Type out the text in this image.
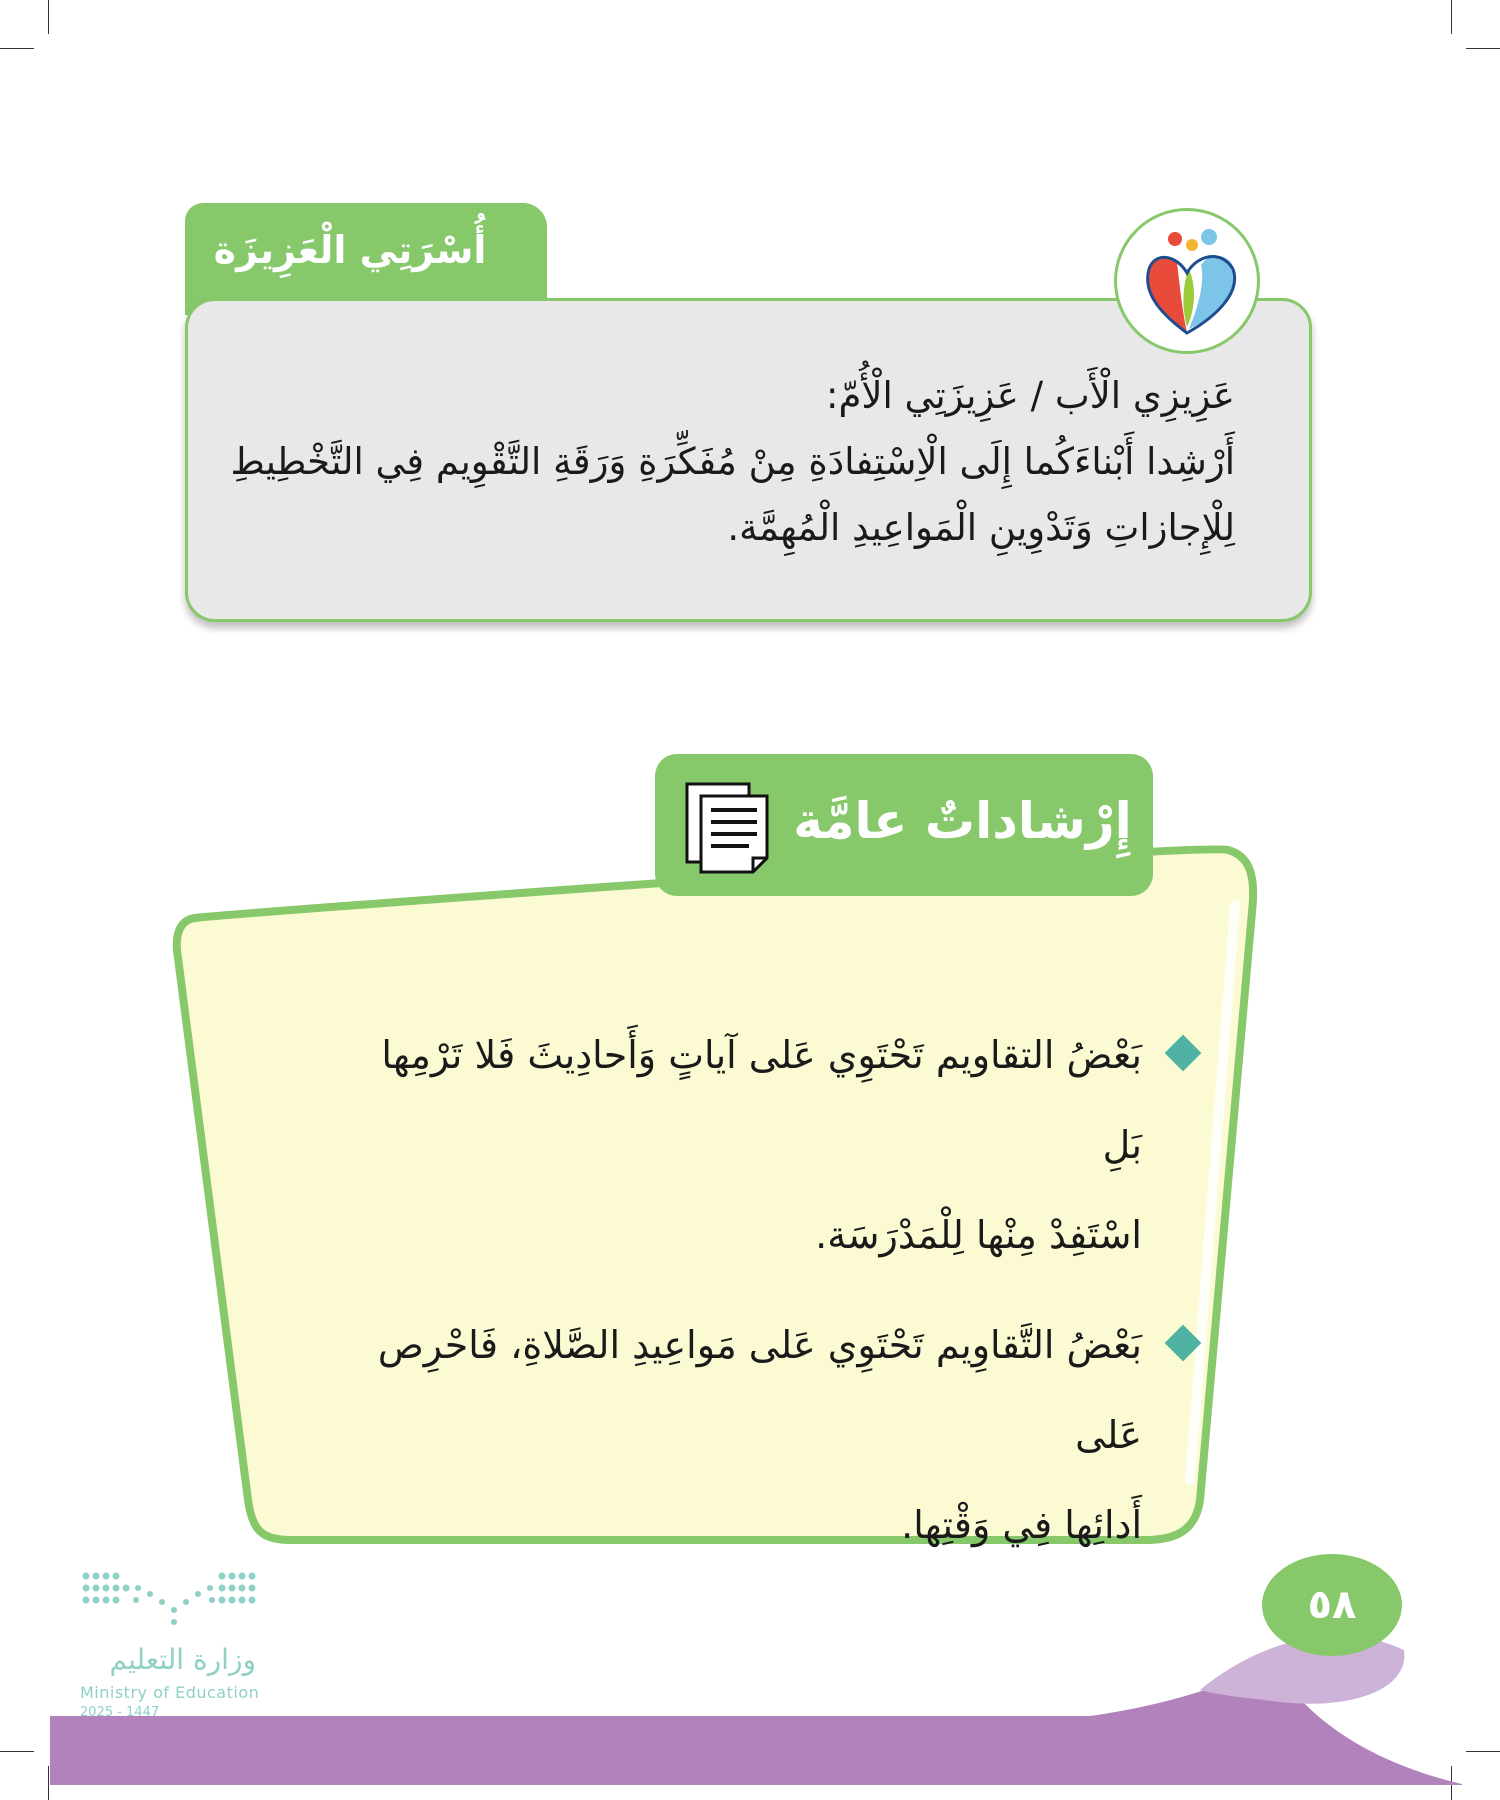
أُسْرَتِي الْعَزِيزَة
عَزِيزِي الْأَب / عَزِيزَتِي الْأُمّ:
أَرْشِدا أَبْناءَكُما إِلَى الْاِسْتِفادَةِ مِنْ مُفَكِّرَةِ وَرَقَةِ التَّقْوِيم فِي التَّخْطِيطِ
لِلْإِجازاتِ وَتَدْوِينِ الْمَواعِيدِ الْمُهِمَّة.
إِرْشاداتٌ عامَّة
بَعْضُ التقاويم تَحْتَوِي عَلى آياتٍ وَأَحادِيثَ فَلا تَرْمِها بَلِ
اسْتَفِدْ مِنْها لِلْمَدْرَسَة.
بَعْضُ التَّقاوِيم تَحْتَوِي عَلى مَواعِيدِ الصَّلاةِ، فَاحْرِص عَلى
أَدائِها فِي وَقْتِها.
٥٨
وزارة التعليم
Ministry of Education
2025 - 1447
